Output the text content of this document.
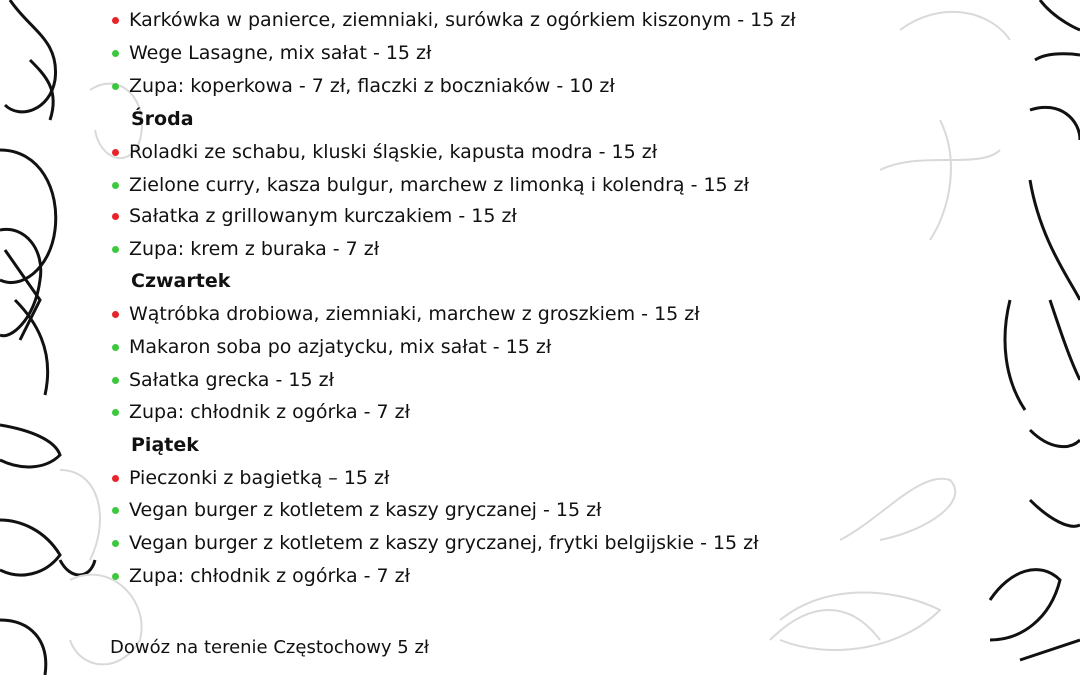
Karkówka w panierce, ziemniaki, surówka z ogórkiem kiszonym - 15 zł
Wege Lasagne, mix sałat - 15 zł
Zupa: koperkowa - 7 zł, flaczki z boczniaków - 10 zł
Środa
Roladki ze schabu, kluski śląskie, kapusta modra - 15 zł
Zielone curry, kasza bulgur, marchew z limonką i kolendrą - 15 zł
Sałatka z grillowanym kurczakiem - 15 zł
Zupa: krem z buraka - 7 zł
Czwartek
Wątróbka drobiowa, ziemniaki, marchew z groszkiem - 15 zł
Makaron soba po azjatycku, mix sałat - 15 zł
Sałatka grecka - 15 zł
Zupa: chłodnik z ogórka - 7 zł
Piątek
Pieczonki z bagietką – 15 zł
Vegan burger z kotletem z kaszy gryczanej - 15 zł
Vegan burger z kotletem z kaszy gryczanej, frytki belgijskie - 15 zł
Zupa: chłodnik z ogórka - 7 zł
Dowóz na terenie Częstochowy 5 zł
